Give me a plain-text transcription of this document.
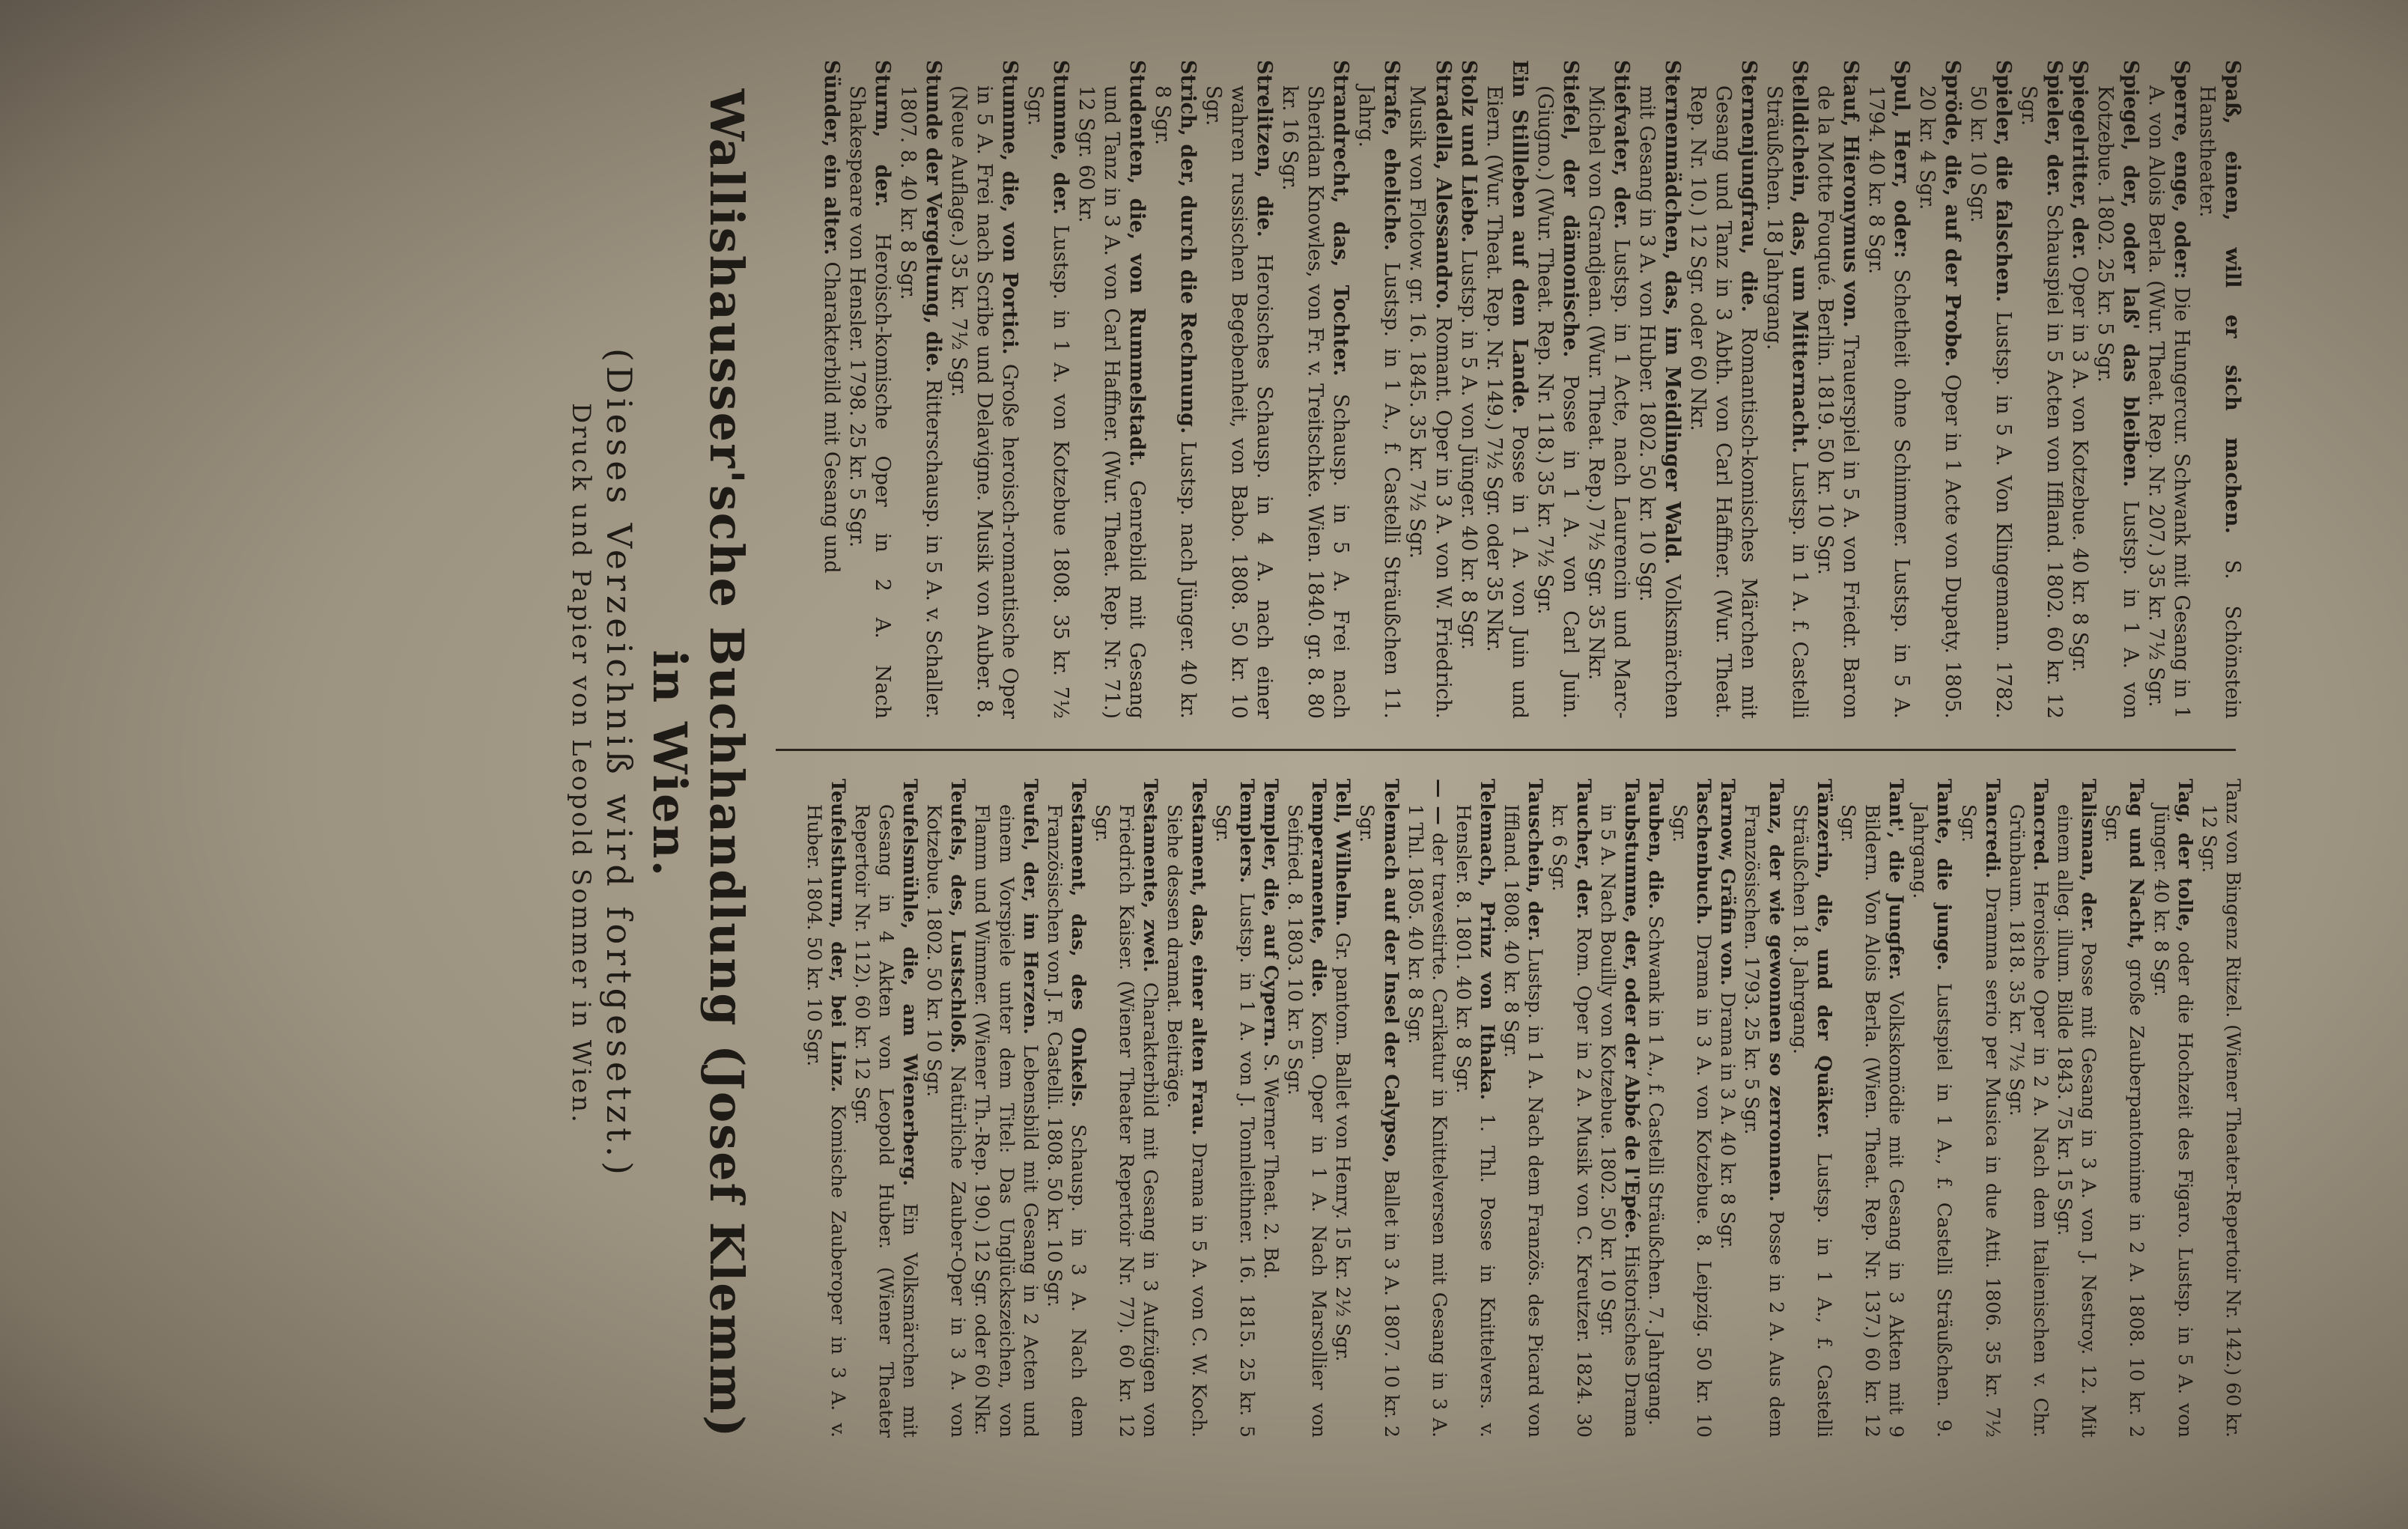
Spaß, einen, will er sich machen. S. Schönstein Hanstheater.

Sperre, enge, oder: Die Hungercur. Schwank mit Gesang in 1 A. von Alois Berla. (Wur. Theat. Rep. Nr. 207.) 35 kr. 7½ Sgr.

Spiegel, der, oder laß' das bleiben. Lustsp. in 1 A. von Kotzebue. 1802. 25 kr. 5 Sgr.

Spiegelritter, der. Oper in 3 A. von Kotzebue. 40 kr. 8 Sgr.

Spieler, der. Schauspiel in 5 Acten von Iffland. 1802. 60 kr. 12 Sgr.

Spieler, die falschen. Lustsp. in 5 A. Von Klingemann. 1782. 50 kr. 10 Sgr.

Spröde, die, auf der Probe. Oper in 1 Acte von Dupaty. 1805. 20 kr. 4 Sgr.

Spul, Herr, oder: Schetheit ohne Schimmer. Lustsp. in 5 A. 1794. 40 kr. 8 Sgr.

Stauf, Hieronymus von. Trauerspiel in 5 A. von Friedr. Baron de la Motte Fouqué. Berlin. 1819. 50 kr. 10 Sgr.

Stelldichein, das, um Mitternacht. Lustsp. in 1 A. f. Castelli Sträußchen. 18 Jahrgang.

Sternenjungfrau, die. Romantisch-komisches Märchen mit Gesang und Tanz in 3 Abth. von Carl Haffner. (Wur. Theat. Rep. Nr. 10.) 12 Sgr. oder 60 Nkr.

Sternenmädchen, das, im Meidlinger Wald. Volksmärchen mit Gesang in 3 A. von Huber. 1802. 50 kr. 10 Sgr.

Stiefvater, der. Lustsp. in 1 Acte, nach Laurencin und Marc-Michel von Grandjean. (Wur. Theat. Rep.) 7½ Sgr. 35 Nkr.

Stiefel, der dämonische. Posse in 1 A. von Carl Juin. (Giugno.) (Wur. Theat. Rep. Nr. 118.) 35 kr. 7½ Sgr.

Ein Stillleben auf dem Lande. Posse in 1 A. von Juin und Eiern. (Wur. Theat. Rep. Nr. 149.) 7½ Sgr. oder 35 Nkr.

Stolz und Liebe. Lustsp. in 5 A. von Jünger. 40 kr. 8 Sgr.

Stradella, Alessandro. Romant. Oper in 3 A. von W. Friedrich. Musik von Flotow. gr. 16. 1845. 35 kr. 7½ Sgr.

Strafe, eheliche. Lustsp. in 1 A., f. Castelli Sträußchen 11. Jahrg.

Strandrecht, das, Tochter. Schausp. in 5 A. Frei nach Sheridan Knowles, von Fr. v. Treitschke. Wien. 1840. gr. 8. 80 kr. 16 Sgr.

Strelitzen, die. Heroisches Schausp. in 4 A. nach einer wahren russischen Begebenheit, von Babo. 1808. 50 kr. 10 Sgr.

Strich, der, durch die Rechnung. Lustsp. nach Jünger. 40 kr. 8 Sgr.

Studenten, die, von Rummelstadt. Genrebild mit Gesang und Tanz in 3 A. von Carl Haffner. (Wur. Theat. Rep. Nr. 71.) 12 Sgr. 60 kr.

Stumme, der. Lustsp. in 1 A. von Kotzebue 1808. 35 kr. 7½ Sgr.

Stumme, die, von Portici. Große heroisch-romantische Oper in 5 A. Frei nach Scribe und Delavigne. Musik von Auber. 8. (Neue Auflage.) 35 kr. 7½ Sgr.

Stunde der Vergeltung, die. Ritterschausp. in 5 A. v. Schaller. 1807. 8. 40 kr. 8 Sgr.

Sturm, der. Heroisch-komische Oper in 2 A. Nach Shakespeare von Hensler. 1798. 25 kr. 5 Sgr.

Sünder, ein alter. Charakterbild mit Gesang und

Tanz von Bingenz Ritzel. (Wiener Theater-Repertoir Nr. 142.) 60 kr. 12 Sgr.

Tag, der tolle, oder die Hochzeit des Figaro. Lustsp. in 5 A. von Jünger. 40 kr. 8 Sgr.

Tag und Nacht, große Zauberpantomime in 2 A. 1808. 10 kr. 2 Sgr.

Talisman, der. Posse mit Gesang in 3 A. von J. Nestroy. 12. Mit einem alleg. illum. Bilde 1843. 75 kr. 15 Sgr.

Tancred. Heroische Oper in 2 A. Nach dem Italienischen v. Chr. Grünbaum. 1818. 35 kr. 7½ Sgr.

Tancredi. Dramma serio per Musica in due Atti. 1806. 35 kr. 7½ Sgr.

Tante, die junge. Lustspiel in 1 A., f. Castelli Sträußchen. 9. Jahrgang.

Tant', die Jungfer. Volkskomödie mit Gesang in 3 Akten mit 9 Bildern. Von Alois Berla. (Wien. Theat. Rep. Nr. 137.) 60 kr. 12 Sgr.

Tänzerin, die, und der Quäker. Lustsp. in 1 A., f. Castelli Sträußchen 18. Jahrgang.

Tanz, der wie gewonnen so zerronnen. Posse in 2 A. Aus dem Französischen. 1793. 25 kr. 5 Sgr.

Tarnow, Gräfin von. Drama in 3 A. 40 kr. 8 Sgr.

Taschenbuch. Drama in 3 A. von Kotzebue. 8. Leipzig. 50 kr. 10 Sgr.

Tauben, die. Schwank in 1 A., f. Castelli Sträußchen. 7. Jahrgang.

Taubstumme, der, oder der Abbé de l'Epée. Historisches Drama in 5 A. Nach Bouilly von Kotzebue. 1802. 50 kr. 10 Sgr.

Taucher, der. Rom. Oper in 2 A. Musik von C. Kreutzer. 1824. 30 kr. 6 Sgr.

Tauschein, der. Lustsp. in 1 A. Nach dem Französ. des Picard von Iffland. 1808. 40 kr. 8 Sgr.

Telemach, Prinz von Ithaka. 1. Thl. Posse in Knittelvers. v. Hensler. 8. 1801. 40 kr. 8 Sgr.

— — der travestirte. Carikatur in Knittelversen mit Gesang in 3 A. 1 Thl. 1805. 40 kr. 8 Sgr.

Telemach auf der Insel der Calypso, Ballet in 3 A. 1807. 10 kr. 2 Sgr.

Tell, Wilhelm. Gr. pantom. Ballet von Henry. 15 kr. 2½ Sgr.

Temperamente, die. Kom. Oper in 1 A. Nach Marsollier von Seifried. 8. 1803. 10 kr. 5 Sgr.

Templer, die, auf Cypern. S. Werner Theat. 2. Bd.

Templers. Lustsp. in 1 A. von J. Tonnleithner. 16. 1815. 25 kr. 5 Sgr.

Testament, das, einer alten Frau. Drama in 5 A. von C. W. Koch. Siehe dessen dramat. Beiträge.

Testamente, zwei. Charakterbild mit Gesang in 3 Aufzügen von Friedrich Kaiser. (Wiener Theater Repertoir Nr. 77). 60 kr. 12 Sgr.

Testament, das, des Onkels. Schausp. in 3 A. Nach dem Französischen von J. F. Castelli. 1808. 50 kr. 10 Sgr.

Teufel, der, im Herzen. Lebensbild mit Gesang in 2 Acten und einem Vorspiele unter dem Titel: Das Unglückszeichen, von Flamm und Wimmer. (Wiener Th.-Rep. 190.) 12 Sgr. oder 60 Nkr.

Teufels, des, Lustschloß. Natürliche Zauber-Oper in 3 A. von Kotzebue. 1802. 50 kr. 10 Sgr.

Teufelsmühle, die, am Wienerberg. Ein Volksmärchen mit Gesang in 4 Akten von Leopold Huber. (Wiener Theater Repertoir Nr. 112). 60 kr. 12 Sgr.

Teufelsthurm, der, bei Linz. Komische Zauberoper in 3 A. v. Huber. 1804. 50 kr. 10 Sgr.

Wallishausser'sche Buchhandlung (Josef Klemm) in Wien.
(Dieses Verzeichniß wird fortgesetzt.)
Druck und Papier von Leopold Sommer in Wien.
